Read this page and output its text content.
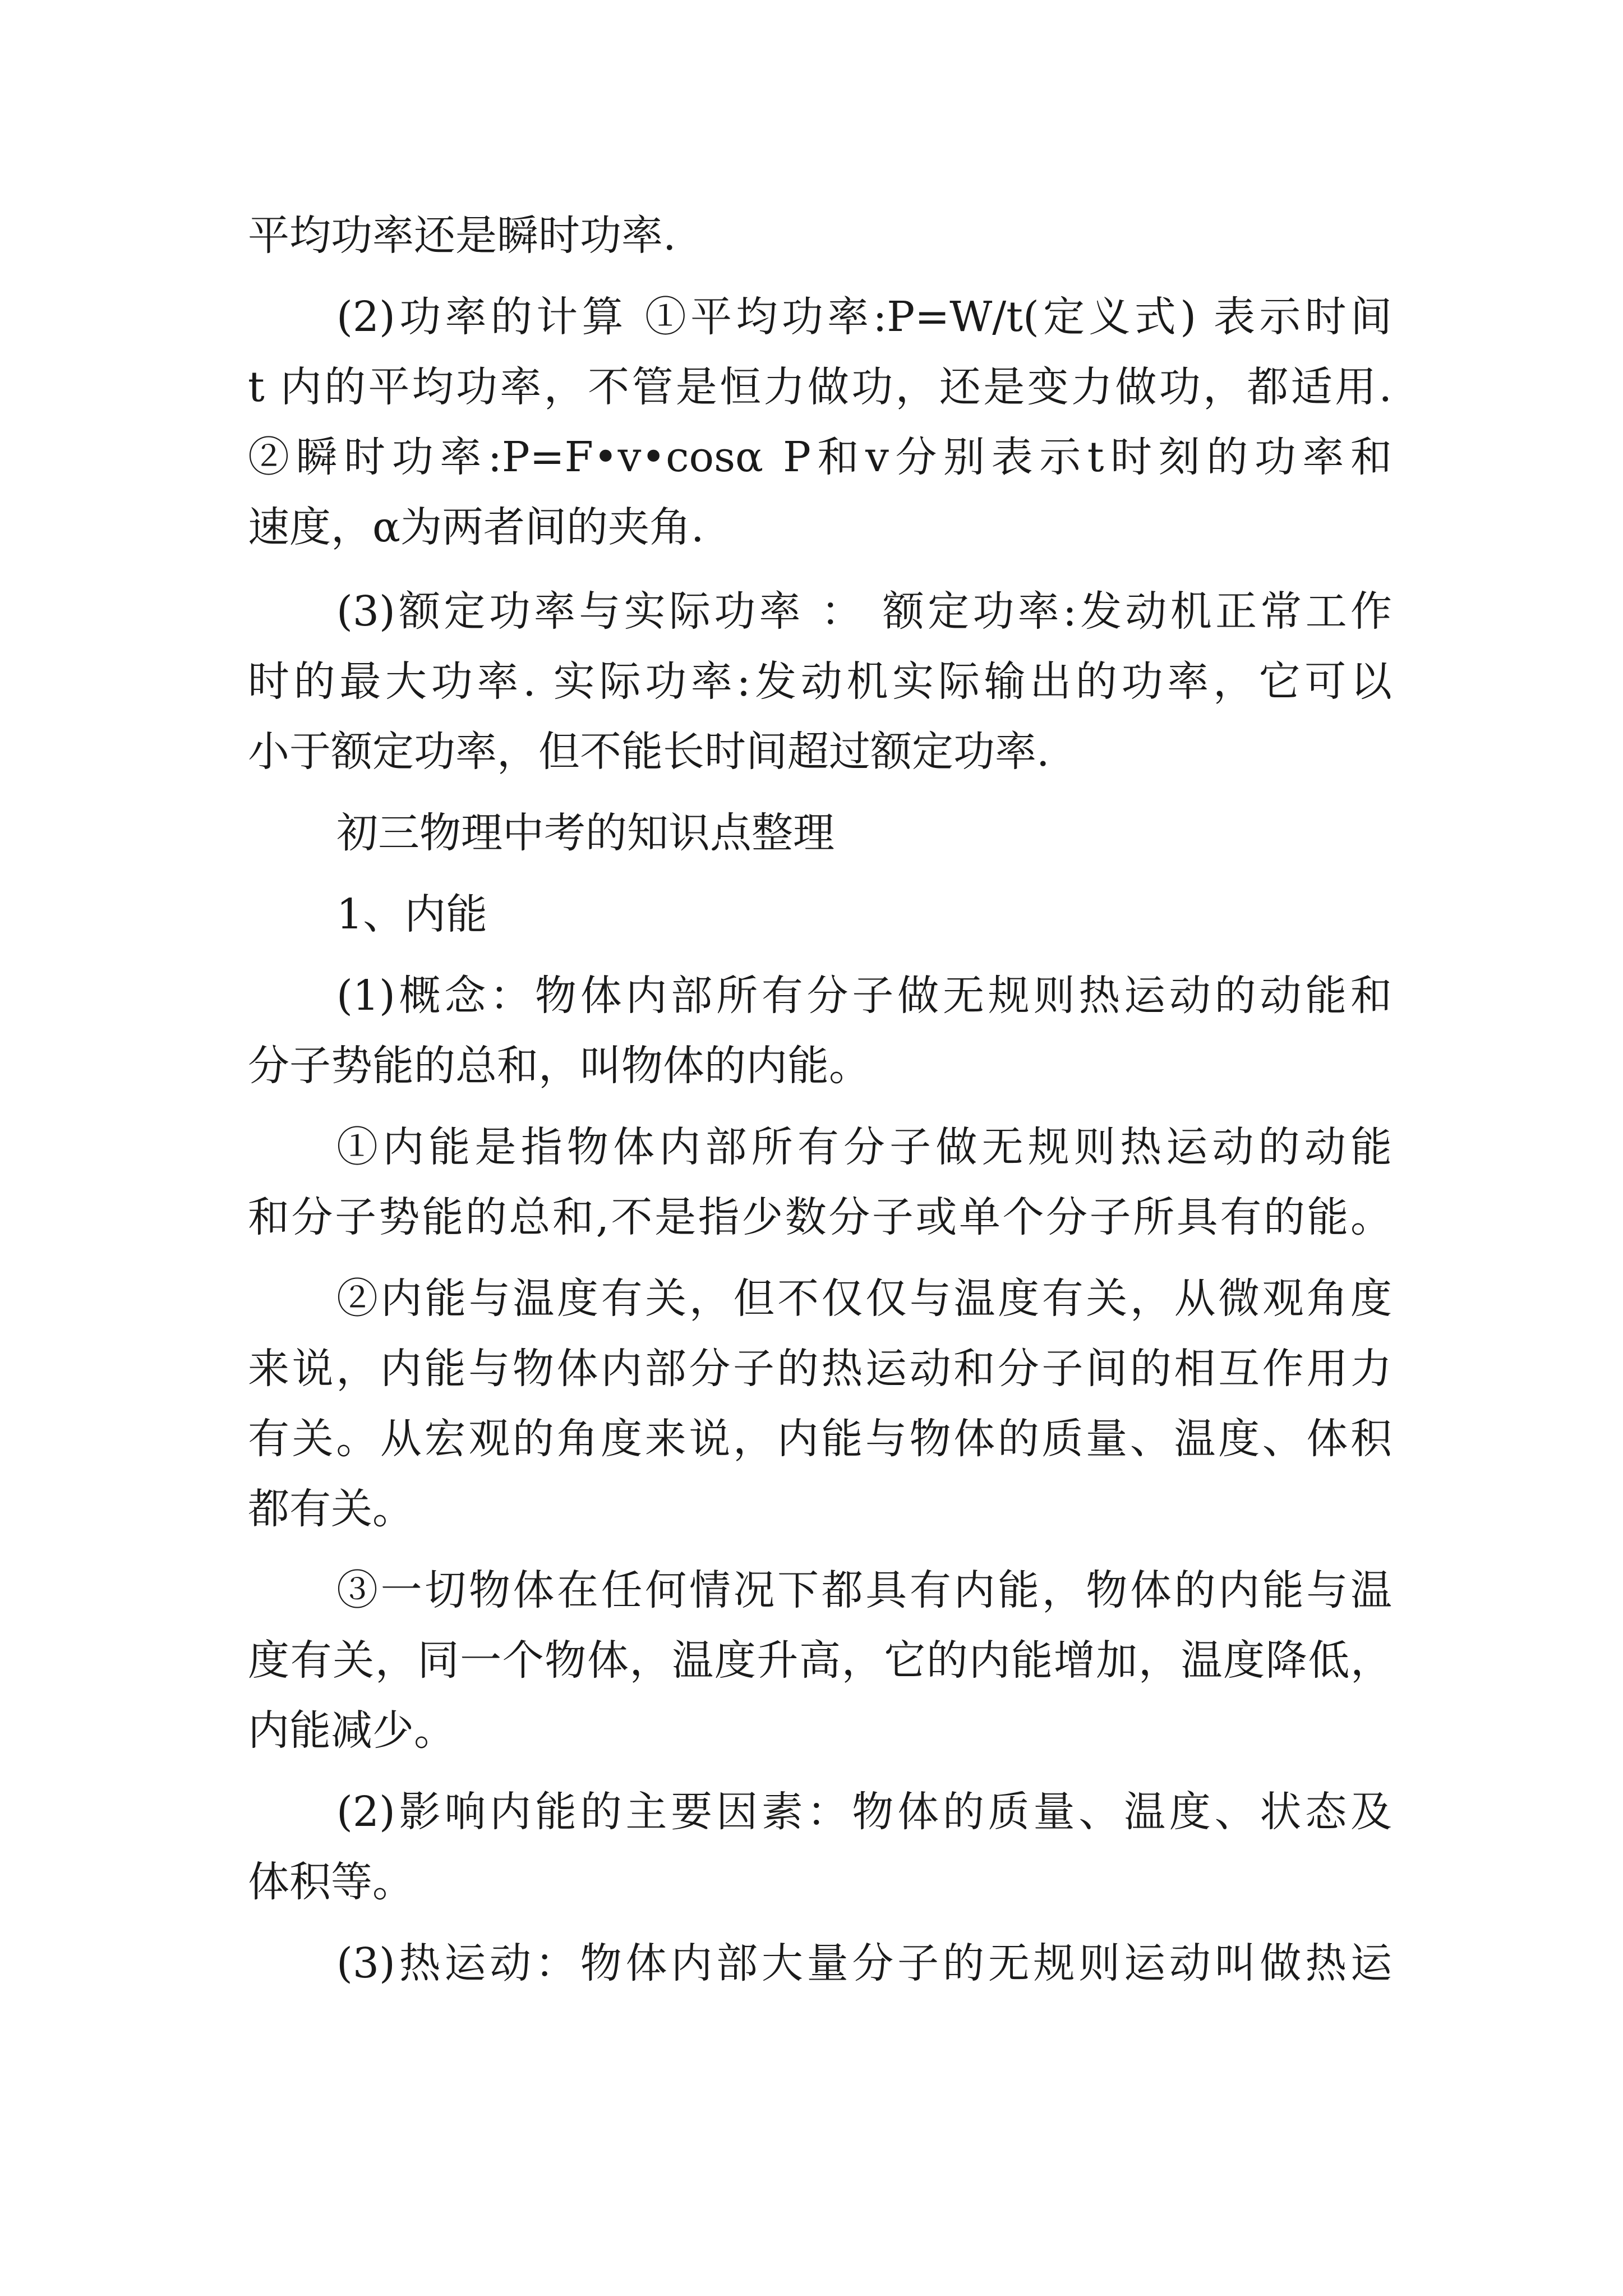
平均功率还是瞬时功率.
(2)功率的计算 ①平均功率:P=W/t(定义式) 表示时间
t 内的平均功率，不管是恒力做功，还是变力做功，都适用.
②瞬时功率:P=F•v•cosα P和v分别表示t时刻的功率和
速度，α为两者间的夹角.
(3)额定功率与实际功率 ： 额定功率:发动机正常工作
时的最大功率. 实际功率:发动机实际输出的功率，它可以
小于额定功率，但不能长时间超过额定功率.
初三物理中考的知识点整理
1、内能
(1)概念：物体内部所有分子做无规则热运动的动能和
分子势能的总和，叫物体的内能。
①内能是指物体内部所有分子做无规则热运动的动能
和分子势能的总和,不是指少数分子或单个分子所具有的能。
②内能与温度有关，但不仅仅与温度有关，从微观角度
来说，内能与物体内部分子的热运动和分子间的相互作用力
有关。从宏观的角度来说，内能与物体的质量、温度、体积
都有关。
③一切物体在任何情况下都具有内能，物体的内能与温
度有关，同一个物体，温度升高，它的内能增加，温度降低，
内能减少。
(2)影响内能的主要因素：物体的质量、温度、状态及
体积等。
(3)热运动：物体内部大量分子的无规则运动叫做热运
